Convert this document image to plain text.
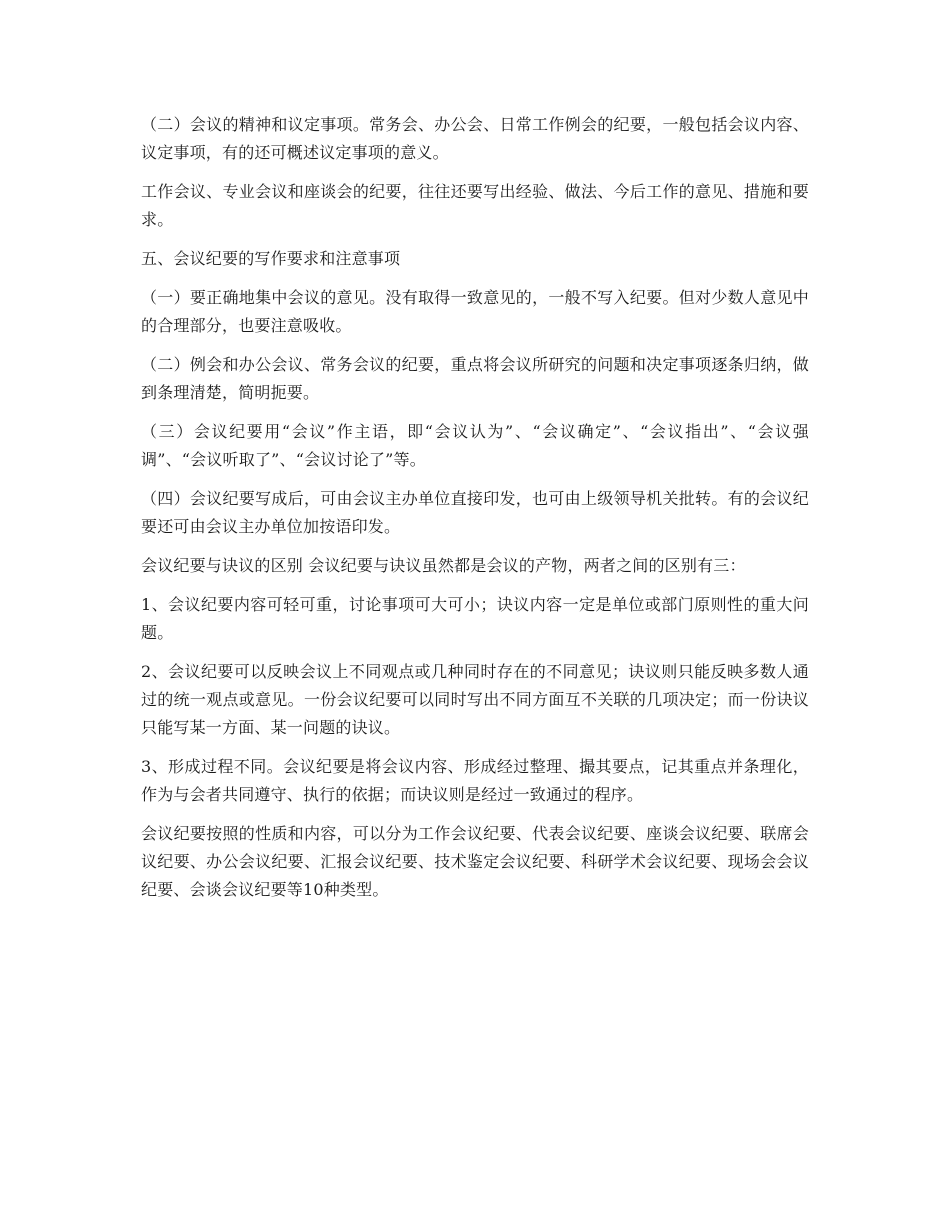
（二）会议的精神和议定事项。常务会、办公会、日常工作例会的纪要，一般包括会议内容、议定事项，有的还可概述议定事项的意义。

工作会议、专业会议和座谈会的纪要，往往还要写出经验、做法、今后工作的意见、措施和要求。

五、会议纪要的写作要求和注意事项

（一）要正确地集中会议的意见。没有取得一致意见的，一般不写入纪要。但对少数人意见中的合理部分，也要注意吸收。

（二）例会和办公会议、常务会议的纪要，重点将会议所研究的问题和决定事项逐条归纳，做到条理清楚，简明扼要。

（三）会议纪要用“会议”作主语，即“会议认为”、“会议确定”、“会议指出”、“会议强调”、“会议听取了”、“会议讨论了”等。

（四）会议纪要写成后，可由会议主办单位直接印发，也可由上级领导机关批转。有的会议纪要还可由会议主办单位加按语印发。

会议纪要与诀议的区别 会议纪要与诀议虽然都是会议的产物，两者之间的区别有三：

1、会议纪要内容可轻可重，讨论事项可大可小；诀议内容一定是单位或部门原则性的重大问题。

2、会议纪要可以反映会议上不同观点或几种同时存在的不同意见；诀议则只能反映多数人通过的统一观点或意见。一份会议纪要可以同时写出不同方面互不关联的几项决定；而一份诀议只能写某一方面、某一问题的诀议。

3、形成过程不同。会议纪要是将会议内容、形成经过整理、撮其要点，记其重点并条理化，作为与会者共同遵守、执行的依据；而诀议则是经过一致通过的程序。

会议纪要按照的性质和内容，可以分为工作会议纪要、代表会议纪要、座谈会议纪要、联席会议纪要、办公会议纪要、汇报会议纪要、技术鉴定会议纪要、科研学术会议纪要、现场会会议纪要、会谈会议纪要等10种类型。
